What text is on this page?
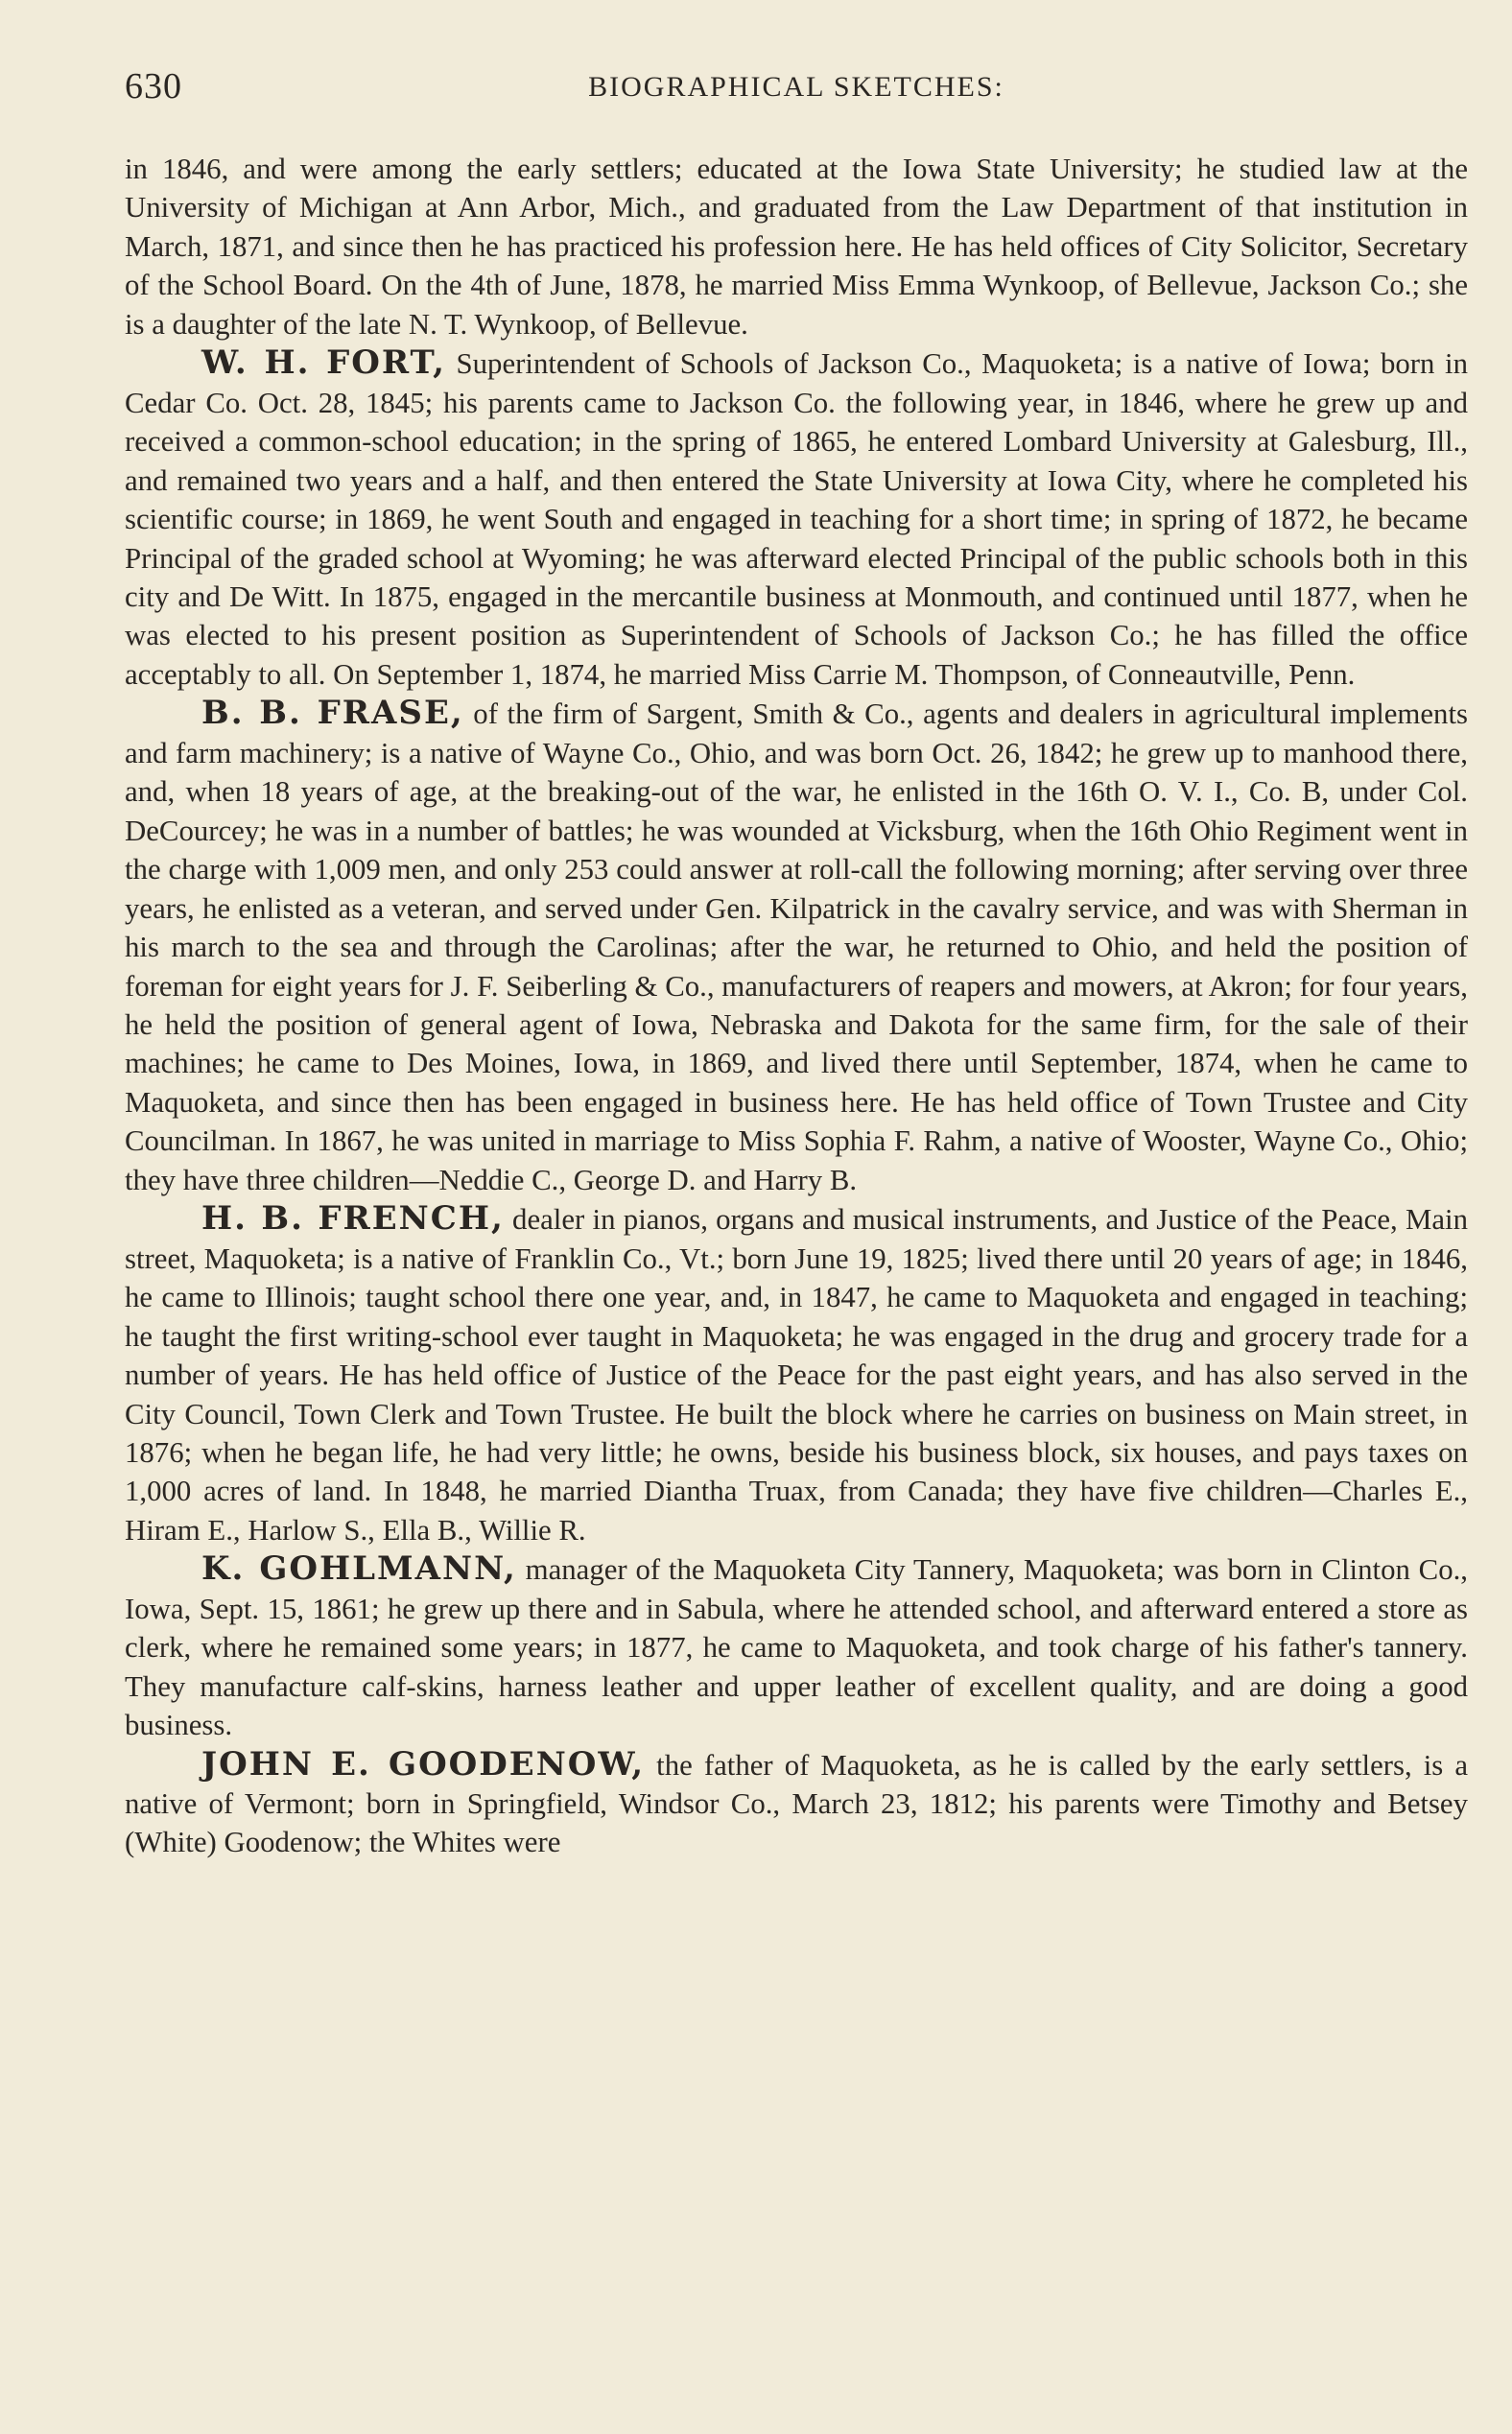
630	BIOGRAPHICAL SKETCHES:

in 1846, and were among the early settlers; educated at the Iowa State University; he studied law at the University of Michigan at Ann Arbor, Mich., and graduated from the Law Department of that institution in March, 1871, and since then he has practiced his profession here. He has held offices of City Solicitor, Secretary of the School Board. On the 4th of June, 1878, he married Miss Emma Wynkoop, of Bellevue, Jackson Co.; she is a daughter of the late N. T. Wynkoop, of Bellevue.

W. H. FORT, Superintendent of Schools of Jackson Co., Maquoketa; is a native of Iowa; born in Cedar Co. Oct. 28, 1845; his parents came to Jackson Co. the following year, in 1846, where he grew up and received a common-school education; in the spring of 1865, he entered Lombard University at Galesburg, Ill., and remained two years and a half, and then entered the State University at Iowa City, where he completed his scientific course; in 1869, he went South and engaged in teaching for a short time; in spring of 1872, he became Principal of the graded school at Wyoming; he was afterward elected Principal of the public schools both in this city and De Witt. In 1875, engaged in the mercantile business at Monmouth, and continued until 1877, when he was elected to his present position as Superintendent of Schools of Jackson Co.; he has filled the office acceptably to all. On September 1, 1874, he married Miss Carrie M. Thompson, of Conneautville, Penn.

B. B. FRASE, of the firm of Sargent, Smith & Co., agents and dealers in agricultural implements and farm machinery; is a native of Wayne Co., Ohio, and was born Oct. 26, 1842; he grew up to manhood there, and, when 18 years of age, at the breaking-out of the war, he enlisted in the 16th O. V. I., Co. B, under Col. DeCourcey; he was in a number of battles; he was wounded at Vicksburg, when the 16th Ohio Regiment went in the charge with 1,009 men, and only 253 could answer at roll-call the following morning; after serving over three years, he enlisted as a veteran, and served under Gen. Kilpatrick in the cavalry service, and was with Sherman in his march to the sea and through the Carolinas; after the war, he returned to Ohio, and held the position of foreman for eight years for J. F. Seiberling & Co., manufacturers of reapers and mowers, at Akron; for four years, he held the position of general agent of Iowa, Nebraska and Dakota for the same firm, for the sale of their machines; he came to Des Moines, Iowa, in 1869, and lived there until September, 1874, when he came to Maquoketa, and since then has been engaged in business here. He has held office of Town Trustee and City Councilman. In 1867, he was united in marriage to Miss Sophia F. Rahm, a native of Wooster, Wayne Co., Ohio; they have three children—Neddie C., George D. and Harry B.

H. B. FRENCH, dealer in pianos, organs and musical instruments, and Justice of the Peace, Main street, Maquoketa; is a native of Franklin Co., Vt.; born June 19, 1825; lived there until 20 years of age; in 1846, he came to Illinois; taught school there one year, and, in 1847, he came to Maquoketa and engaged in teaching; he taught the first writing-school ever taught in Maquoketa; he was engaged in the drug and grocery trade for a number of years. He has held office of Justice of the Peace for the past eight years, and has also served in the City Council, Town Clerk and Town Trustee. He built the block where he carries on business on Main street, in 1876; when he began life, he had very little; he owns, beside his business block, six houses, and pays taxes on 1,000 acres of land. In 1848, he married Diantha Truax, from Canada; they have five children—Charles E., Hiram E., Harlow S., Ella B., Willie R.

K. GOHLMANN, manager of the Maquoketa City Tannery, Maquoketa; was born in Clinton Co., Iowa, Sept. 15, 1861; he grew up there and in Sabula, where he attended school, and afterward entered a store as clerk, where he remained some years; in 1877, he came to Maquoketa, and took charge of his father's tannery. They manufacture calf-skins, harness leather and upper leather of excellent quality, and are doing a good business.

JOHN E. GOODENOW, the father of Maquoketa, as he is called by the early settlers, is a native of Vermont; born in Springfield, Windsor Co., March 23, 1812; his parents were Timothy and Betsey (White) Goodenow; the Whites were
